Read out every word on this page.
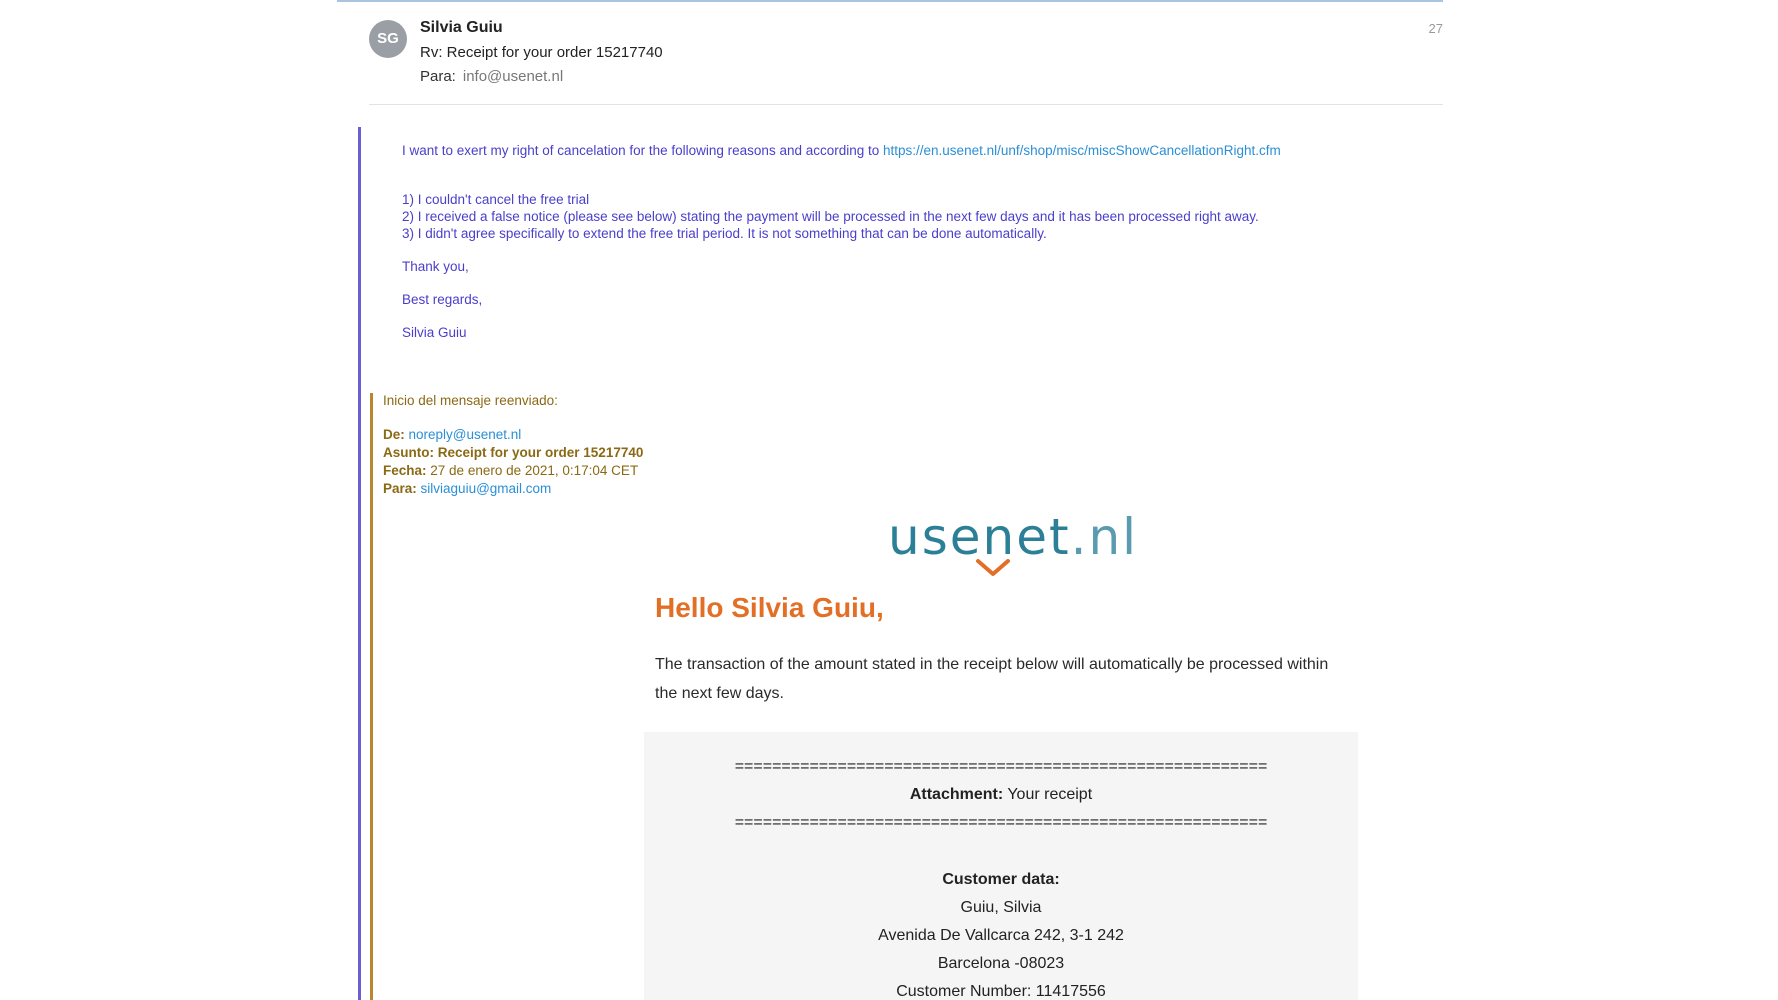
SG
Silvia Guiu
Rv: Receipt for your order 15217740
Para: info@usenet.nl
27
I want to exert my right of cancelation for the following reasons and according to https://en.usenet.nl/unf/shop/misc/miscShowCancellationRight.cfm
1) I couldn't cancel the free trial
2) I received a false notice (please see below) stating the payment will be processed in the next few days and it has been processed right away.
3) I didn't agree specifically to extend the free trial period. It is not something that can be done automatically.
Thank you,
Best regards,
Silvia Guiu
Inicio del mensaje reenviado:
De: noreply@usenet.nl
Asunto: Receipt for your order 15217740
Fecha: 27 de enero de 2021, 0:17:04 CET
Para: silviaguiu@gmail.com
usenet.nl
Hello Silvia Guiu,
The transaction of the amount stated in the receipt below will automatically be processed within the next few days.
=========================================================
Attachment: Your receipt
=========================================================
Customer data:
Guiu, Silvia
Avenida De Vallcarca 242, 3-1 242
Barcelona -08023
Customer Number: 11417556
